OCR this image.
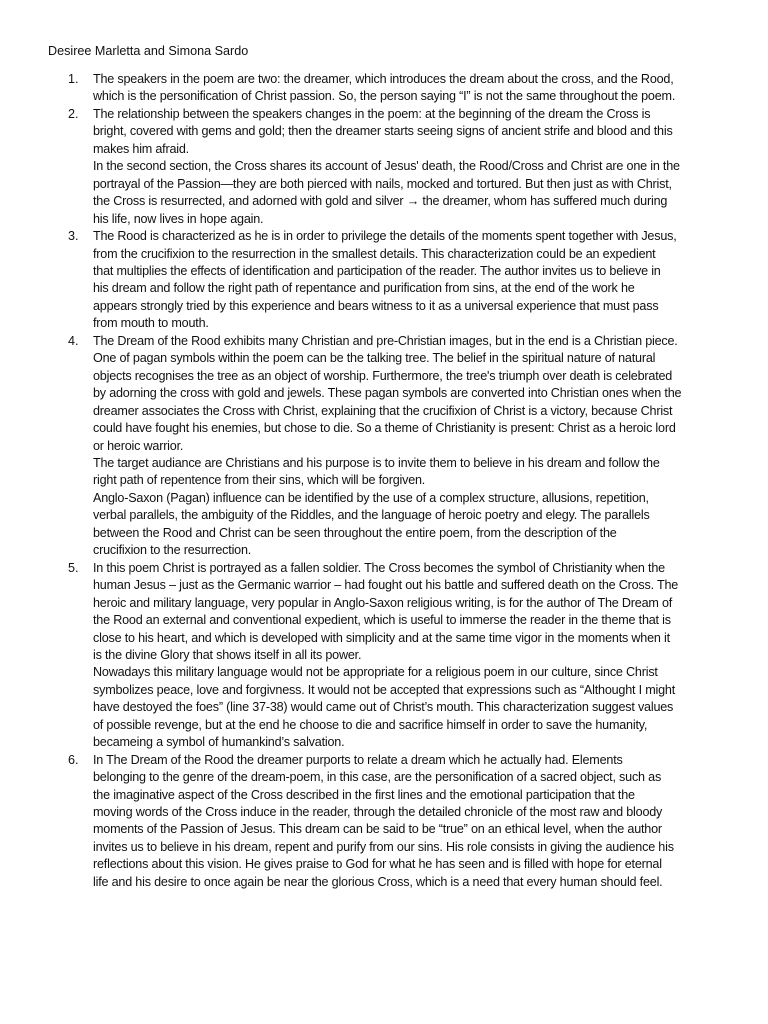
Desiree Marletta and Simona Sardo
1. The speakers in the poem are two: the dreamer, which introduces the dream about the cross, and the Rood,
which is the personification of Christ passion. So, the person saying “I” is not the same throughout the poem.
2. The relationship between the speakers changes in the poem: at the beginning of the dream the Cross is
bright, covered with gems and gold; then the dreamer starts seeing signs of ancient strife and blood and this
makes him afraid.
In the second section, the Cross shares its account of Jesus' death, the Rood/Cross and Christ are one in the
portrayal of the Passion—they are both pierced with nails, mocked and tortured. But then just as with Christ,
the Cross is resurrected, and adorned with gold and silver → the dreamer, whom has suffered much during
his life, now lives in hope again.
3. The Rood is characterized as he is in order to privilege the details of the moments spent together with Jesus,
from the crucifixion to the resurrection in the smallest details. This characterization could be an expedient
that multiplies the effects of identification and participation of the reader. The author invites us to believe in
his dream and follow the right path of repentance and purification from sins, at the end of the work he
appears strongly tried by this experience and bears witness to it as a universal experience that must pass
from mouth to mouth.
4. The Dream of the Rood exhibits many Christian and pre-Christian images, but in the end is a Christian piece.
One of pagan symbols within the poem can be the talking tree. The belief in the spiritual nature of natural
objects recognises the tree as an object of worship. Furthermore, the tree's triumph over death is celebrated
by adorning the cross with gold and jewels. These pagan symbols are converted into Christian ones when the
dreamer associates the Cross with Christ, explaining that the crucifixion of Christ is a victory, because Christ
could have fought his enemies, but chose to die. So a theme of Christianity is present: Christ as a heroic lord
or heroic warrior.
The target audiance are Christians and his purpose is to invite them to believe in his dream and follow the
right path of repentence from their sins, which will be forgiven.
Anglo-Saxon (Pagan) influence can be identified by the use of a complex structure, allusions, repetition,
verbal parallels, the ambiguity of the Riddles, and the language of heroic poetry and elegy. The parallels
between the Rood and Christ can be seen throughout the entire poem, from the description of the
crucifixion to the resurrection.
5. In this poem Christ is portrayed as a fallen soldier. The Cross becomes the symbol of Christianity when the
human Jesus – just as the Germanic warrior – had fought out his battle and suffered death on the Cross. The
heroic and military language, very popular in Anglo-Saxon religious writing, is for the author of The Dream of
the Rood an external and conventional expedient, which is useful to immerse the reader in the theme that is
close to his heart, and which is developed with simplicity and at the same time vigor in the moments when it
is the divine Glory that shows itself in all its power.
Nowadays this military language would not be appropriate for a religious poem in our culture, since Christ
symbolizes peace, love and forgivness. It would not be accepted that expressions such as “Althought I might
have destoyed the foes” (line 37-38) would came out of Christ’s mouth. This characterization suggest values
of possible revenge, but at the end he choose to die and sacrifice himself in order to save the humanity,
becameing a symbol of humankind’s salvation.
6. In The Dream of the Rood the dreamer purports to relate a dream which he actually had. Elements
belonging to the genre of the dream-poem, in this case, are the personification of a sacred object, such as
the imaginative aspect of the Cross described in the first lines and the emotional participation that the
moving words of the Cross induce in the reader, through the detailed chronicle of the most raw and bloody
moments of the Passion of Jesus. This dream can be said to be “true” on an ethical level, when the author
invites us to believe in his dream, repent and purify from our sins. His role consists in giving the audience his
reflections about this vision. He gives praise to God for what he has seen and is filled with hope for eternal
life and his desire to once again be near the glorious Cross, which is a need that every human should feel.
